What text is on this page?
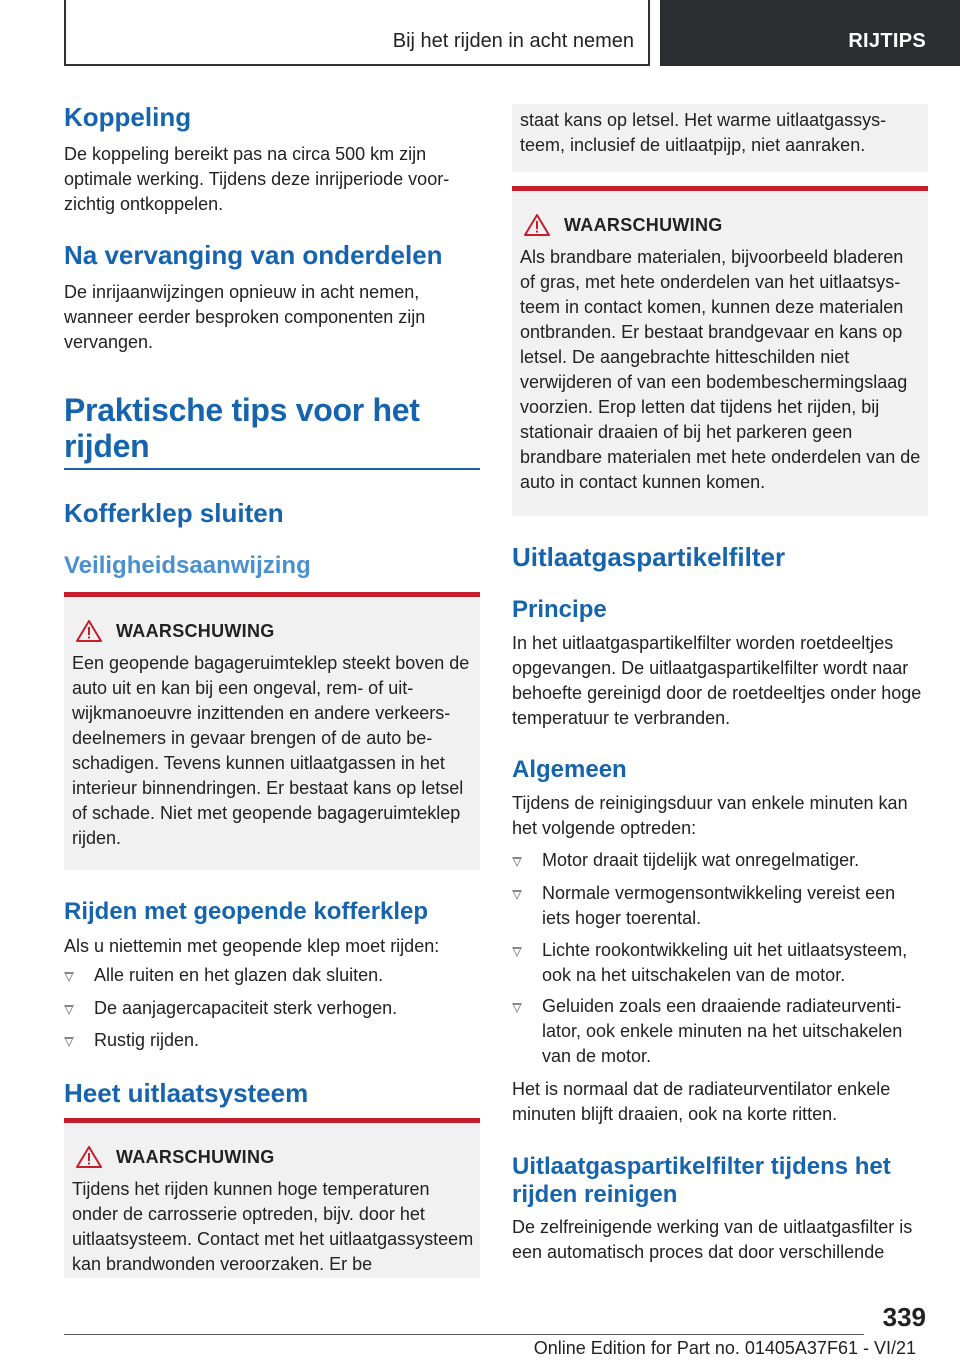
Bij het rijden in acht nemen	RIJTIPS
Koppeling
De koppeling bereikt pas na circa 500 km zijn optimale werking. Tijdens deze inrijperiode voorzichtig ontkoppelen.
Na vervanging van onderdelen
De inrijaanwijzingen opnieuw in acht nemen, wanneer eerder besproken componenten zijn vervangen.
Praktische tips voor het rijden
Kofferklep sluiten
Veiligheidsaanwijzing
WAARSCHUWING
Een geopende bagageruimteklep steekt boven de auto uit en kan bij een ongeval, rem- of uitwijkmanoeuvre inzittenden en andere verkeersdeelnemers in gevaar brengen of de auto beschadigen. Tevens kunnen uitlaatgassen in het interieur binnendringen. Er bestaat kans op letsel of schade. Niet met geopende bagageruimteklep rijden.
Rijden met geopende kofferklep
Als u niettemin met geopende klep moet rijden:
Alle ruiten en het glazen dak sluiten.
De aanjagercapaciteit sterk verhogen.
Rustig rijden.
Heet uitlaatsysteem
WAARSCHUWING
Tijdens het rijden kunnen hoge temperaturen onder de carrosserie optreden, bijv. door het uitlaatsysteem. Contact met het uitlaatgassysteem kan brandwonden veroorzaken. Er be
staat kans op letsel. Het warme uitlaatgassysteem, inclusief de uitlaatpijp, niet aanraken.
WAARSCHUWING
Als brandbare materialen, bijvoorbeeld bladeren of gras, met hete onderdelen van het uitlaatsysteem in contact komen, kunnen deze materialen ontbranden. Er bestaat brandgevaar en kans op letsel. De aangebrachte hitteschilden niet verwijderen of van een bodembeschermingslaag voorzien. Erop letten dat tijdens het rijden, bij stationair draaien of bij het parkeren geen brandbare materialen met hete onderdelen van de auto in contact kunnen komen.
Uitlaatgaspartikelfilter
Principe
In het uitlaatgaspartikelfilter worden roetdeeltjes opgevangen. De uitlaatgaspartikelfilter wordt naar behoefte gereinigd door de roetdeeltjes onder hoge temperatuur te verbranden.
Algemeen
Tijdens de reinigingsduur van enkele minuten kan het volgende optreden:
Motor draait tijdelijk wat onregelmatiger.
Normale vermogensontwikkeling vereist een iets hoger toerental.
Lichte rookontwikkeling uit het uitlaatsysteem, ook na het uitschakelen van de motor.
Geluiden zoals een draaiende radiateurventilator, ook enkele minuten na het uitschakelen van de motor.
Het is normaal dat de radiateurventilator enkele minuten blijft draaien, ook na korte ritten.
Uitlaatgaspartikelfilter tijdens het rijden reinigen
De zelfreinigende werking van de uitlaatgasfilter is een automatisch proces dat door verschillende
339
Online Edition for Part no. 01405A37F61 - VI/21
